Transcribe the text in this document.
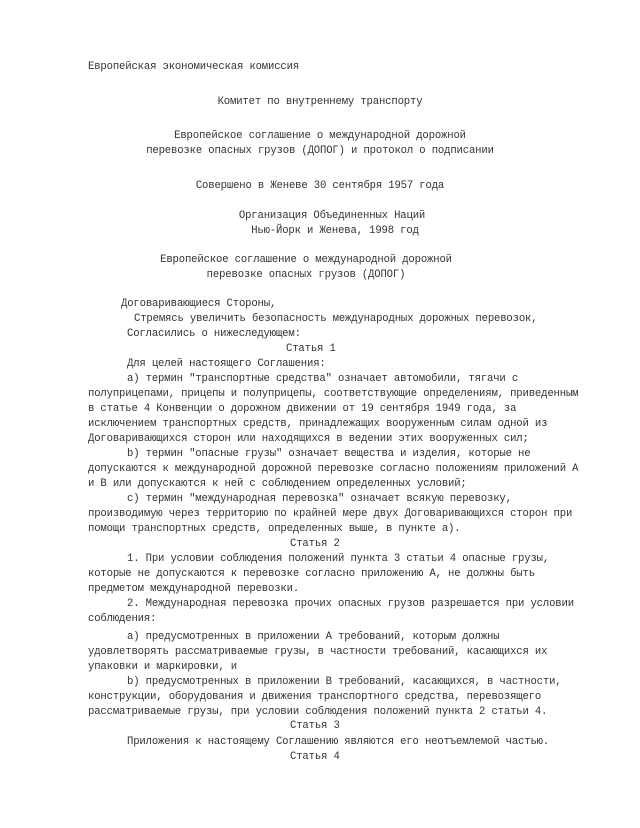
Европейская экономическая комиссия
Комитет по внутреннему транспорту
Европейское соглашение о международной дорожной
перевозке опасных грузов (ДОПОГ) и протокол о подписании
Совершено в Женеве 30 сентября 1957 года
Организация Объединенных Наций
Нью-Йорк и Женева, 1998 год
Европейское соглашение о международной дорожной
перевозке опасных грузов (ДОПОГ)
Договаривающиеся Стороны,
Стремясь увеличить безопасность международных дорожных перевозок,
Согласились о нижеследующем:
Статья 1
Для целей настоящего Соглашения:
а) термин "транспортные средства" означает автомобили, тягачи с
полуприцепами, прицепы и полуприцепы, соответствующие определениям, приведенным
в статье 4 Конвенции о дорожном движении от 19 сентября 1949 года, за
исключением транспортных средств, принадлежащих вооруженным силам одной из
Договаривающихся сторон или находящихся в ведении этих вооруженных сил;
b) термин "опасные грузы" означает вещества и изделия, которые не
допускаются к международной дорожной перевозке согласно положениям приложений А
и В или допускаются к ней с соблюдением определенных условий;
с) термин "международная перевозка" означает всякую перевозку,
производимую через территорию по крайней мере двух Договаривающихся сторон при
помощи транспортных средств, определенных выше, в пункте а).
Статья 2
1. При условии соблюдения положений пункта 3 статьи 4 опасные грузы,
которые не допускаются к перевозке согласно приложению А, не должны быть
предметом международной перевозки.
2. Международная перевозка прочих опасных грузов разрешается при условии
соблюдения:
а) предусмотренных в приложении А требований, которым должны
удовлетворять рассматриваемые грузы, в частности требований, касающихся их
упаковки и маркировки, и
b) предусмотренных в приложении В требований, касающихся, в частности,
конструкции, оборудования и движения транспортного средства, перевозящего
рассматриваемые грузы, при условии соблюдения положений пункта 2 статьи 4.
Статья 3
Приложения к настоящему Соглашению являются его неотъемлемой частью.
Статья 4
